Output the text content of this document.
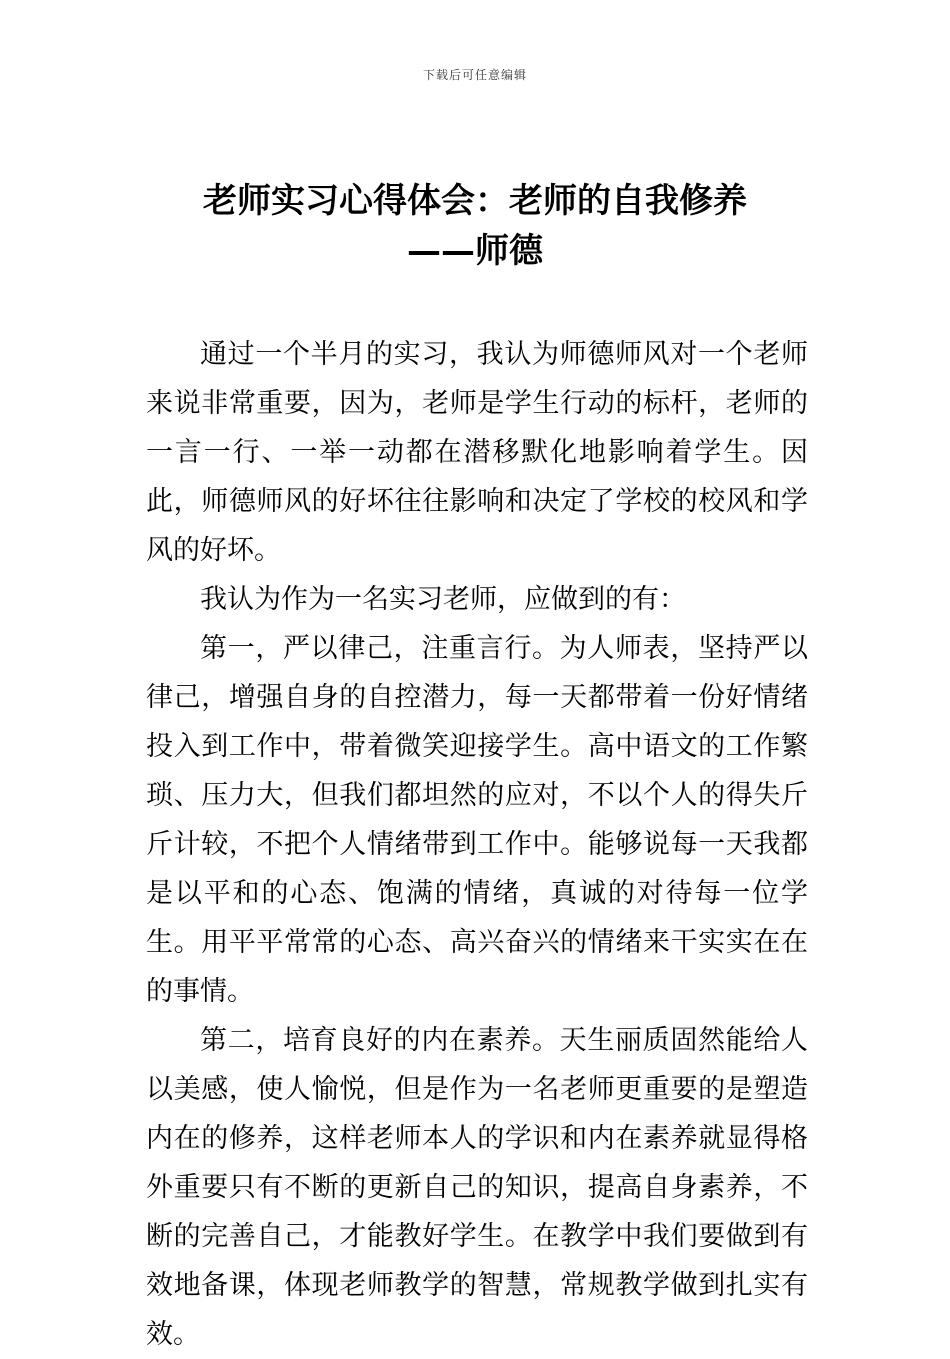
下载后可任意编辑
老师实习心得体会：老师的自我修养
——师德

通过一个半月的实习，我认为师德师风对一个老师来说非常重要，因为，老师是学生行动的标杆，老师的一言一行、一举一动都在潜移默化地影响着学生。因此，师德师风的好坏往往影响和决定了学校的校风和学风的好坏。

我认为作为一名实习老师，应做到的有：

第一，严以律己，注重言行。为人师表，坚持严以律己，增强自身的自控潜力，每一天都带着一份好情绪投入到工作中，带着微笑迎接学生。高中语文的工作繁琐、压力大，但我们都坦然的应对，不以个人的得失斤斤计较，不把个人情绪带到工作中。能够说每一天我都是以平和的心态、饱满的情绪，真诚的对待每一位学生。用平平常常的心态、高兴奋兴的情绪来干实实在在的事情。

第二，培育良好的内在素养。天生丽质固然能给人以美感，使人愉悦，但是作为一名老师更重要的是塑造内在的修养，这样老师本人的学识和内在素养就显得格外重要只有不断的更新自己的知识，提高自身素养，不断的完善自己，才能教好学生。在教学中我们要做到有效地备课，体现老师教学的智慧，常规教学做到扎实有效。
